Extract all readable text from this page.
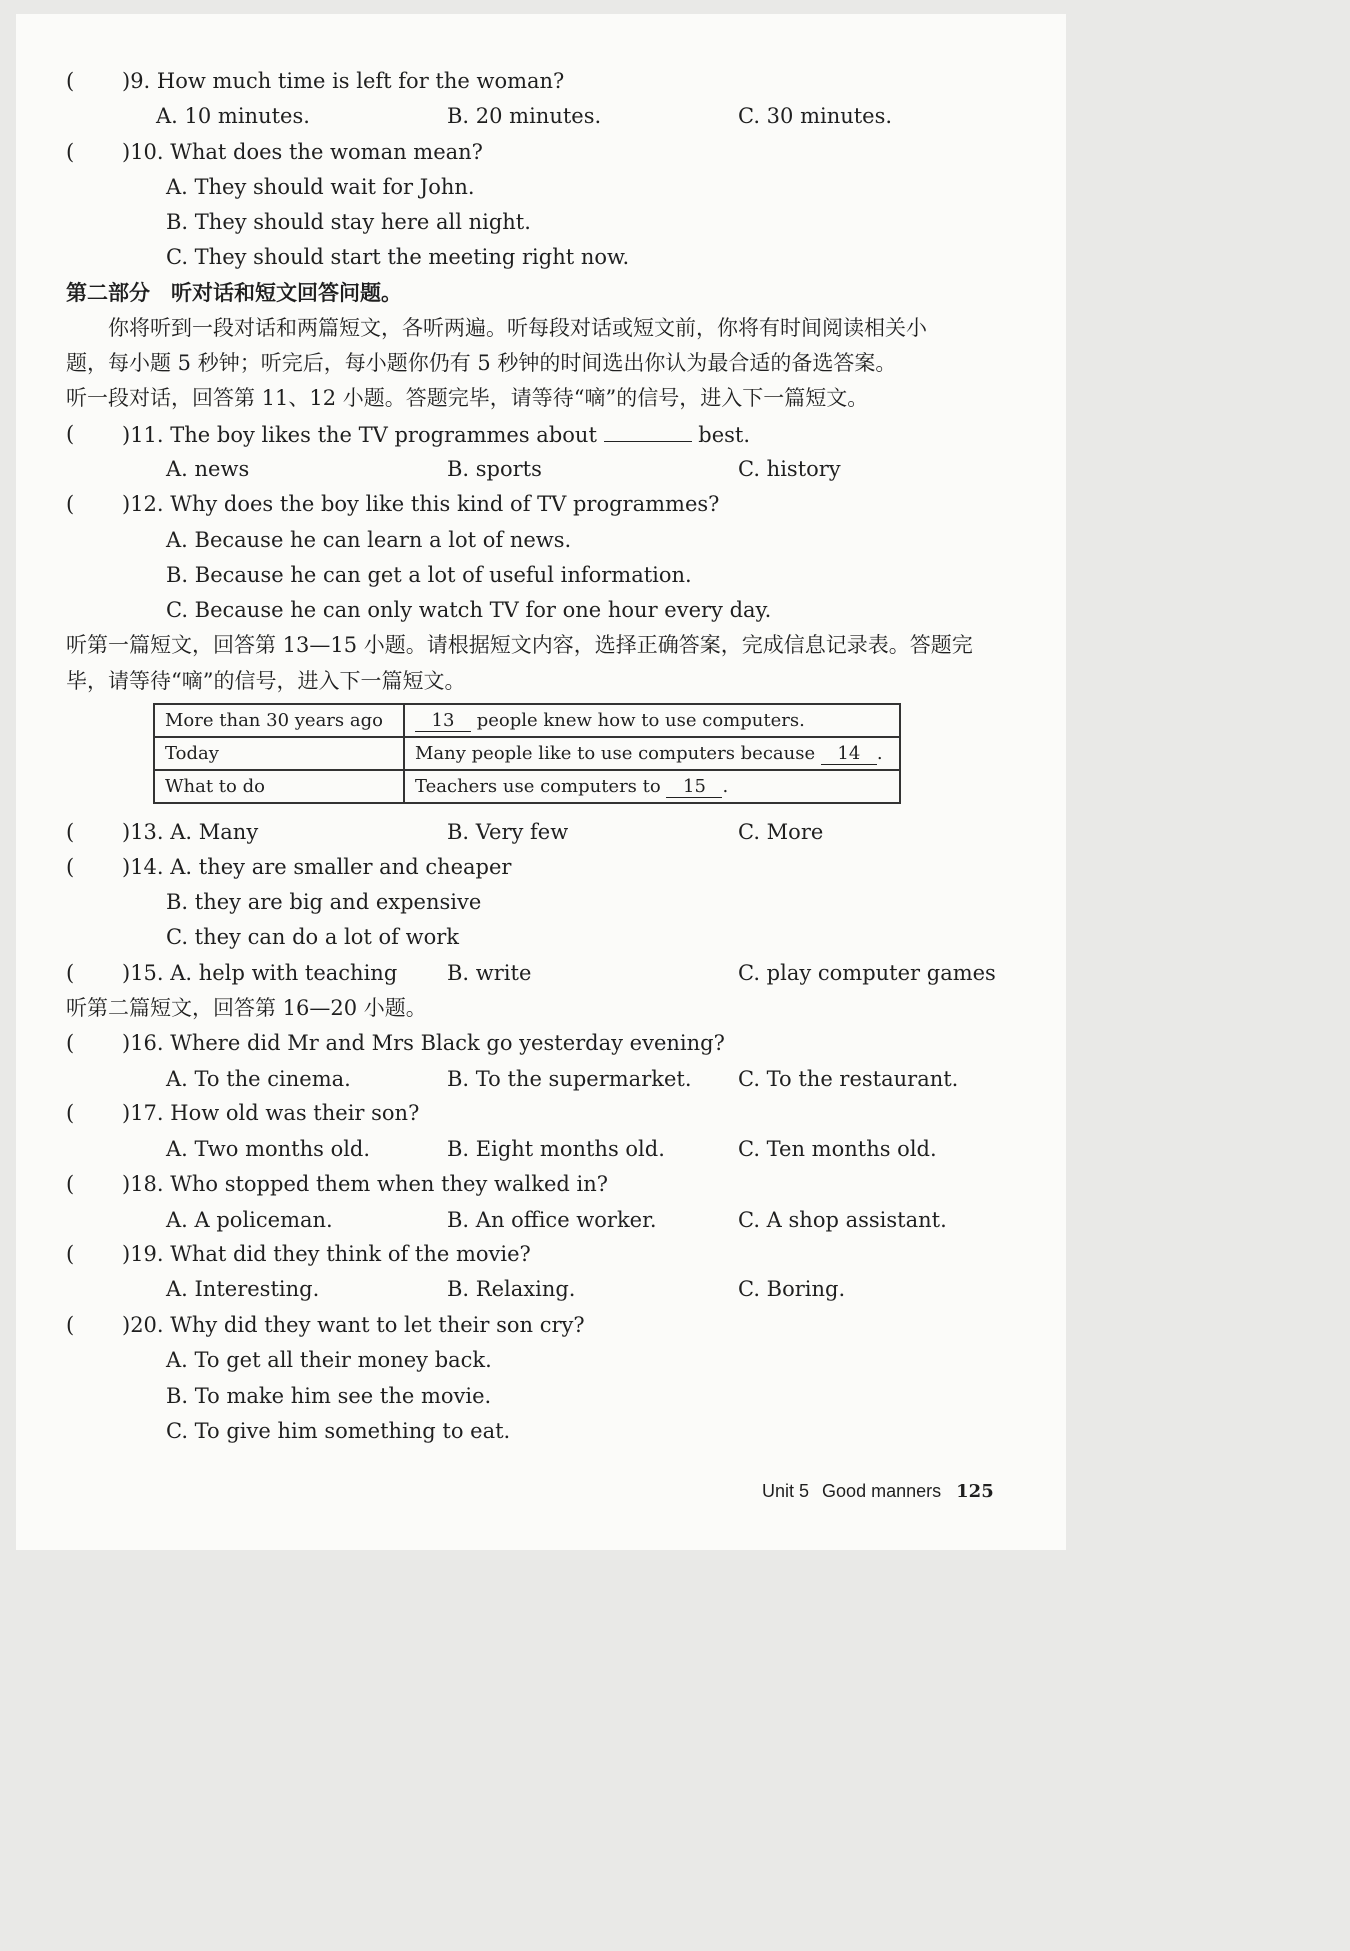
( )9. How much time is left for the woman?
A. 10 minutes.	B. 20 minutes.	C. 30 minutes.
( )10. What does the woman mean?
A. They should wait for John.
B. They should stay here all night.
C. They should start the meeting right now.
第二部分　听对话和短文回答问题。
你将听到一段对话和两篇短文，各听两遍。听每段对话或短文前，你将有时间阅读相关小
题，每小题 5 秒钟；听完后，每小题你仍有 5 秒钟的时间选出你认为最合适的备选答案。
听一段对话，回答第 11、12 小题。答题完毕，请等待“嘀”的信号，进入下一篇短文。
( )11. The boy likes the TV programmes about	best.
A. news	B. sports	C. history
( )12. Why does the boy like this kind of TV programmes?
A. Because he can learn a lot of news.
B. Because he can get a lot of useful information.
C. Because he can only watch TV for one hour every day.
听第一篇短文，回答第 13—15 小题。请根据短文内容，选择正确答案，完成信息记录表。答题完
毕，请等待“嘀”的信号，进入下一篇短文。
More than 30 years ago	13 people knew how to use computers.
Today	Many people like to use computers because 14 .
What to do	Teachers use computers to 15 .
( )13. A. Many	B. Very few	C. More
( )14. A. they are smaller and cheaper
B. they are big and expensive
C. they can do a lot of work
( )15. A. help with teaching B. write	C. play computer games
听第二篇短文，回答第 16—20 小题。
( )16. Where did Mr and Mrs Black go yesterday evening?
A. To the cinema.	B. To the supermarket. C. To the restaurant.
( )17. How old was their son?
A. Two months old.	B. Eight months old.	C. Ten months old.
( )18. Who stopped them when they walked in?
A. A policeman.	B. An office worker.	C. A shop assistant.
( )19. What did they think of the movie?
A. Interesting.	B. Relaxing.	C. Boring.
( )20. Why did they want to let their son cry?
A. To get all their money back.
B. To make him see the movie.
C. To give him something to eat.
Unit 5 Good manners 125
